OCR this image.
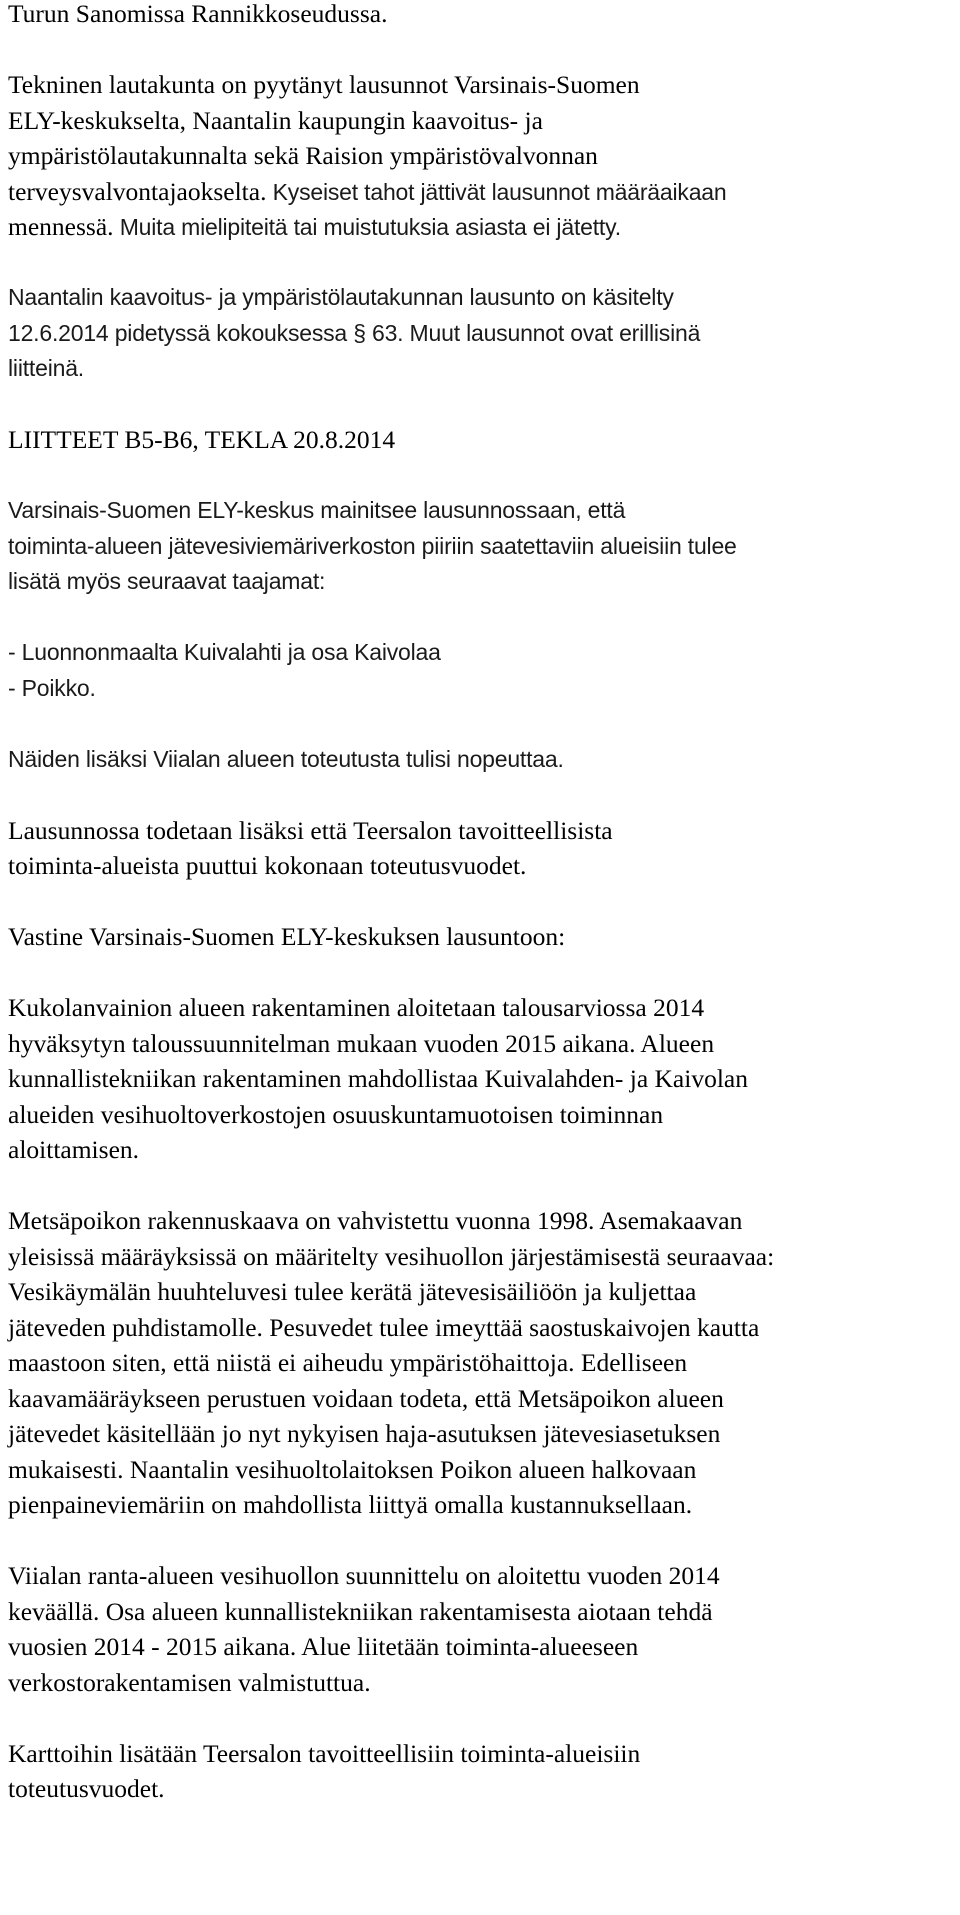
Turun Sanomissa Rannikkoseudussa.

Tekninen lautakunta on pyytänyt lausunnot Varsinais-Suomen
ELY-keskukselta, Naantalin kaupungin kaavoitus- ja
ympäristölautakunnalta sekä Raision ympäristövalvonnan
terveysvalvontajaokselta. Kyseiset tahot jättivät lausunnot määräaikaan
mennessä. Muita mielipiteitä tai muistutuksia asiasta ei jätetty.

Naantalin kaavoitus- ja ympäristölautakunnan lausunto on käsitelty
12.6.2014 pidetyssä kokouksessa § 63. Muut lausunnot ovat erillisinä
liitteinä.

LIITTEET B5-B6, TEKLA 20.8.2014

Varsinais-Suomen ELY-keskus mainitsee lausunnossaan, että
toiminta-alueen jätevesiviemäriverkoston piiriin saatettaviin alueisiin tulee
lisätä myös seuraavat taajamat:

- Luonnonmaalta Kuivalahti ja osa Kaivolaa
- Poikko.

Näiden lisäksi Viialan alueen toteutusta tulisi nopeuttaa.

Lausunnossa todetaan lisäksi että Teersalon tavoitteellisista
toiminta-alueista puuttui kokonaan toteutusvuodet.

Vastine Varsinais-Suomen ELY-keskuksen lausuntoon:

Kukolanvainion alueen rakentaminen aloitetaan talousarviossa 2014
hyväksytyn taloussuunnitelman mukaan vuoden 2015 aikana. Alueen
kunnallistekniikan rakentaminen mahdollistaa Kuivalahden- ja Kaivolan
alueiden vesihuoltoverkostojen osuuskuntamuotoisen toiminnan
aloittamisen.

Metsäpoikon rakennuskaava on vahvistettu vuonna 1998. Asemakaavan
yleisissä määräyksissä on määritelty vesihuollon järjestämisestä seuraavaa:
Vesikäymälän huuhteluvesi tulee kerätä jätevesisäiliöön ja kuljettaa
jäteveden puhdistamolle. Pesuvedet tulee imeyttää saostuskaivojen kautta
maastoon siten, että niistä ei aiheudu ympäristöhaittoja. Edelliseen
kaavamääräykseen perustuen voidaan todeta, että Metsäpoikon alueen
jätevedet käsitellään jo nyt nykyisen haja-asutuksen jätevesiasetuksen
mukaisesti. Naantalin vesihuoltolaitoksen Poikon alueen halkovaan
pienpaineviemäriin on mahdollista liittyä omalla kustannuksellaan.

Viialan ranta-alueen vesihuollon suunnittelu on aloitettu vuoden 2014
keväällä. Osa alueen kunnallistekniikan rakentamisesta aiotaan tehdä
vuosien 2014 - 2015 aikana. Alue liitetään toiminta-alueeseen
verkostorakentamisen valmistuttua.

Karttoihin lisätään Teersalon tavoitteellisiin toiminta-alueisiin
toteutusvuodet.
